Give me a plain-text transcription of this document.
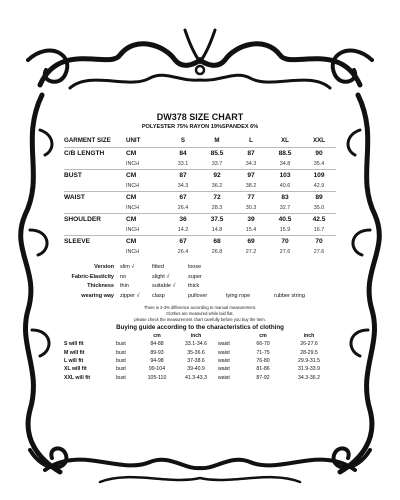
DW378 SIZE CHART
POLYESTER 75% RAYON 19%SPANDEX 6%
GARMENT SIZE	UNIT	S	M	L	XL	XXL
C/B LENGTH	CM	84	85.5	87	88.5	90
	INCH	33.1	33.7	34.3	34.8	35.4
BUST	CM	87	92	97	103	109
	INCH	34.3	36.2	38.2	40.6	42.9
WAIST	CM	67	72	77	83	89
	INCH	26.4	28.3	30.3	32.7	35.0
SHOULDER	CM	36	37.5	39	40.5	42.5
	INCH	14.2	14.8	15.4	15.9	16.7
SLEEVE	CM	67	68	69	70	70
	INCH	26.4	26.8	27.2	27.6	27.6
Version	slim √	fitted	loose
Fabric-Elasticity	no	slight √	super
Thickness	thin	suitable √	thick
wearing way	zipper √	clasp	pullover	tying rope	rubber string
There is 2-3% difference according to manual measurement.
Clothes are measured while laid flat.
please check the measurement chart carefully before you buy the item.
Buying guide according to the characteristics of clothing
		cm	inch		cm	inch
S will fit	bust	84-88	33.1-34.6	waist	66-70	26-27.6
M will fit	bust	89-93	35-36.6	waist	71-75	28-29.5
L will fit	bust	94-98	37-38.6	waist	76-80	29.9-31.5
XL will fit	bust	99-104	39-40.9	waist	81-86	31.9-33.9
XXL will fit	bust	105-110	41.3-43.3	waist	87-92	34.3-36.2
